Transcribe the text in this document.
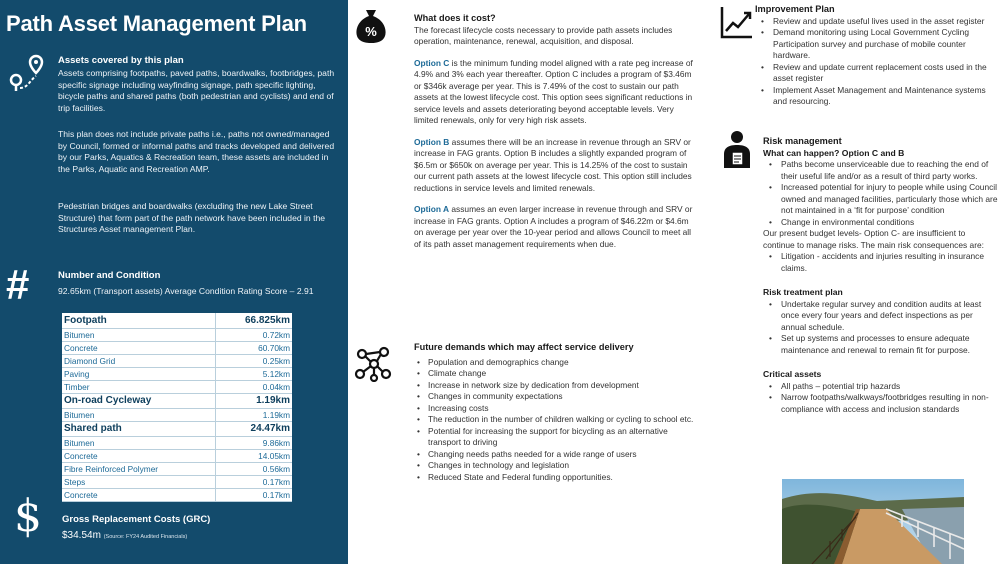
Path Asset Management Plan
Assets covered by this plan
Assets comprising footpaths, paved paths, boardwalks, footbridges, path specific signage including wayfinding signage, path specific lighting, bicycle paths and shared paths (both pedestrian and cyclists) and end of trip facilities.
This plan does not include private paths i.e., paths not owned/managed by Council, formed or informal paths and tracks developed and delivered by our Parks, Aquatics & Recreation team, these assets are included in the Parks, Aquatic and Recreation AMP.
Pedestrian bridges and boardwalks (excluding the new Lake Street Structure) that form part of the path network have been included in the Structures Asset management Plan.
#	Number and Condition
92.65km (Transport assets) Average Condition Rating Score – 2.91
Footpath	66.825km
Bitumen	0.72km
Concrete	60.70km
Diamond Grid	0.25km
Paving	5.12km
Timber	0.04km
On-road Cycleway	1.19km
Bitumen	1.19km
Shared path	24.47km
Bitumen	9.86km
Concrete	14.05km
Fibre Reinforced Polymer	0.56km
Steps	0.17km
Concrete	0.17km
$ Gross Replacement Costs (GRC)
$34.54m (Source: FY24 Audited Financials)
%
What does it cost?
The forecast lifecycle costs necessary to provide path assets includes operation, maintenance, renewal, acquisition, and disposal.
Option C is the minimum funding model aligned with a rate peg increase of 4.9% and 3% each year thereafter. Option C includes a program of $3.46m or $346k average per year. This is 7.49% of the cost to sustain our path assets at the lowest lifecycle cost. This option sees significant reductions in service levels and assets deteriorating beyond acceptable levels. Very limited renewals, only for very high risk assets.
Option B assumes there will be an increase in revenue through an SRV or increase in FAG grants. Option B includes a slightly expanded program of $6.5m or $650k on average per year. This is 14.25% of the cost to sustain our current path assets at the lowest lifecycle cost. This option still includes reductions in service levels and limited renewals.
Option A assumes an even larger increase in revenue through and SRV or increase in FAG grants. Option A includes a program of $46.22m or $4.6m on average per year over the 10-year period and allows Council to meet all of its path asset management requirements when due.
Future demands which may affect service delivery
• Population and demographics change
• Climate change
• Increase in network size by dedication from development
• Changes in community expectations
• Increasing costs
• The reduction in the number of children walking or cycling to school etc.
• Potential for increasing the support for bicycling as an alternative transport to driving
• Changing needs paths needed for a wide range of users
• Changes in technology and legislation
• Reduced State and Federal funding opportunities.
Improvement Plan
• Review and update useful lives used in the asset register
• Demand monitoring using Local Government Cycling Participation survey and purchase of mobile counter hardware.
• Review and update current replacement costs used in the asset register
• Implement Asset Management and Maintenance systems and resourcing.
Risk management
What can happen? Option C and B
• Paths become unserviceable due to reaching the end of their useful life and/or as a result of third party works.
• Increased potential for injury to people while using Council owned and managed facilities, particularly those which are not maintained in a ‘fit for purpose’ condition
• Change in environmental conditions
Our present budget levels- Option C- are insufficient to continue to manage risks. The main risk consequences are:
• Litigation - accidents and injuries resulting in insurance claims.
Risk treatment plan
• Undertake regular survey and condition audits at least once every four years and defect inspections as per annual schedule.
• Set up systems and processes to ensure adequate maintenance and renewal to remain fit for purpose.
Critical assets
• All paths – potential trip hazards
• Narrow footpaths/walkways/footbridges resulting in non-compliance with access and inclusion standards
